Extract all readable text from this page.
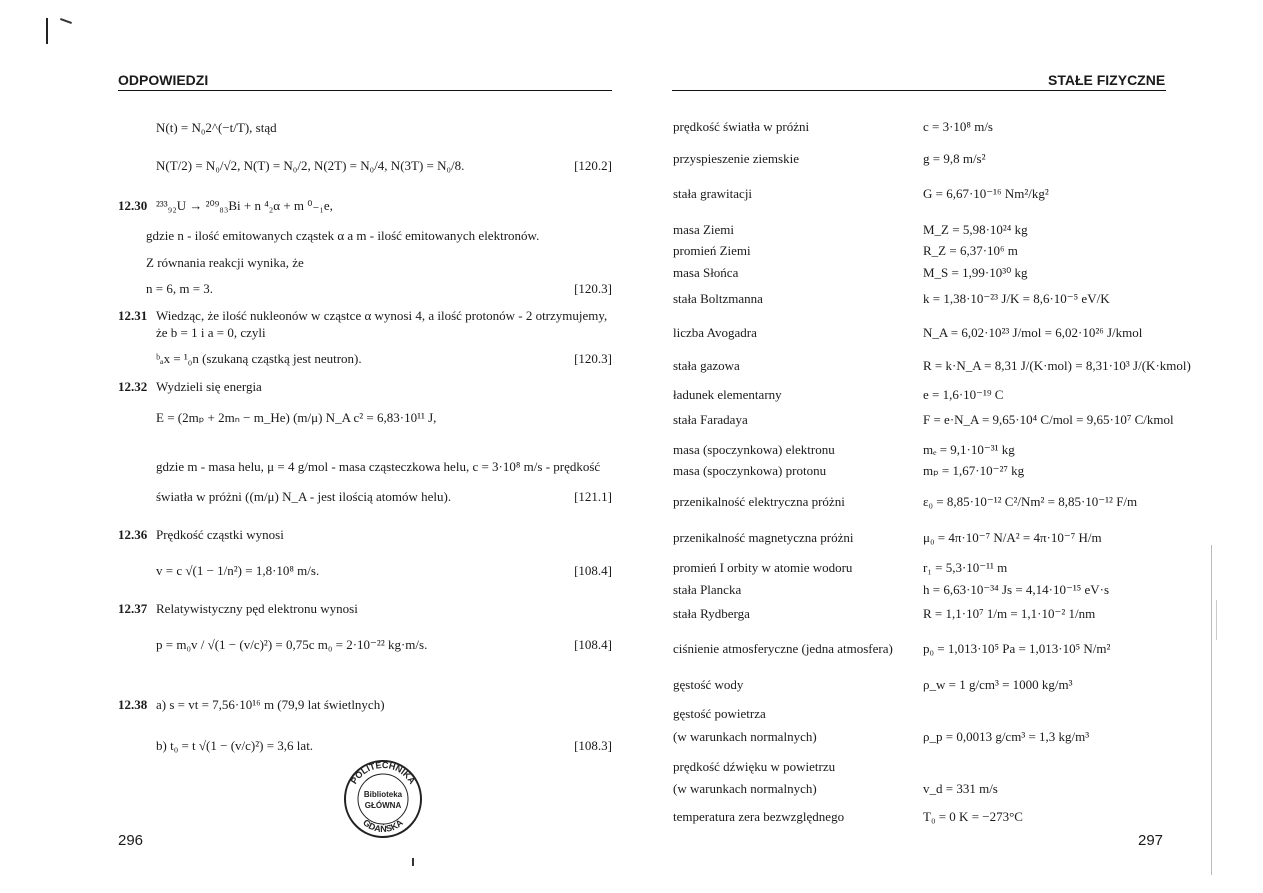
ODPOWIEDZI
N(t) = N₀2^(−t/T), stąd
N(T/2) = N₀/√2, N(T) = N₀/2, N(2T) = N₀/4, N(3T) = N₀/8.	[120.2]
12.30 ²³³₉₂U → ²⁰⁹₈₃Bi + n ⁴₂α + m ⁰₋₁e,
gdzie n - ilość emitowanych cząstek α a m - ilość emitowanych elektronów.
Z równania reakcji wynika, że
n = 6, m = 3.	[120.3]
12.31 Wiedząc, że ilość nukleonów w cząstce α wynosi 4, a ilość protonów - 2 otrzymujemy,
że b = 1 i a = 0, czyli
ᵇₐx = ¹₀n (szukaną cząstką jest neutron).	[120.3]
12.32 Wydzieli się energia
E = (2mₚ + 2mₙ − m_He) (m/μ) N_A c² = 6,83·10¹¹ J,
gdzie m - masa helu, μ = 4 g/mol - masa cząsteczkowa helu, c = 3·10⁸ m/s - prędkość
światła w próżni ((m/μ) N_A - jest ilością atomów helu).	[121.1]
12.36 Prędkość cząstki wynosi
v = c √(1 − 1/n²) = 1,8·10⁸ m/s.	[108.4]
12.37 Relatywistyczny pęd elektronu wynosi
p = m₀v / √(1 − (v/c)²) = 0,75c m₀ = 2·10⁻²² kg·m/s.	[108.4]
12.38 a) s = vt = 7,56·10¹⁶ m (79,9 lat świetlnych)
b) t₀ = t √(1 − (v/c)²) = 3,6 lat.	[108.3]
POLITECHNIKA
GDAŃSKA
Biblioteka
GŁÓWNA
296
STAŁE FIZYCZNE
prędkość światła w próżni	c = 3·10⁸ m/s
przyspieszenie ziemskie	g = 9,8 m/s²
stała grawitacji	G = 6,67·10⁻¹⁶ Nm²/kg²
masa Ziemi	M_Z = 5,98·10²⁴ kg
promień Ziemi	R_Z = 6,37·10⁶ m
masa Słońca	M_S = 1,99·10³⁰ kg
stała Boltzmanna	k = 1,38·10⁻²³ J/K = 8,6·10⁻⁵ eV/K
liczba Avogadra	N_A = 6,02·10²³ J/mol = 6,02·10²⁶ J/kmol
stała gazowa	R = k·N_A = 8,31 J/(K·mol) = 8,31·10³ J/(K·kmol)
ładunek elementarny	e = 1,6·10⁻¹⁹ C
stała Faradaya	F = e·N_A = 9,65·10⁴ C/mol = 9,65·10⁷ C/kmol
masa (spoczynkowa) elektronu	mₑ = 9,1·10⁻³¹ kg
masa (spoczynkowa) protonu	mₚ = 1,67·10⁻²⁷ kg
przenikalność elektryczna próżni	ε₀ = 8,85·10⁻¹² C²/Nm² = 8,85·10⁻¹² F/m
przenikalność magnetyczna próżni	μ₀ = 4π·10⁻⁷ N/A² = 4π·10⁻⁷ H/m
promień I orbity w atomie wodoru	r₁ = 5,3·10⁻¹¹ m
stała Plancka	h = 6,63·10⁻³⁴ Js = 4,14·10⁻¹⁵ eV·s
stała Rydberga	R = 1,1·10⁷ 1/m = 1,1·10⁻² 1/nm
ciśnienie atmosferyczne (jedna atmosfera) p₀ = 1,013·10⁵ Pa = 1,013·10⁵ N/m²
gęstość wody	ρ_w = 1 g/cm³ = 1000 kg/m³
gęstość powietrza
(w warunkach normalnych)	ρ_p = 0,0013 g/cm³ = 1,3 kg/m³
prędkość dźwięku w powietrzu
(w warunkach normalnych)	v_d = 331 m/s
temperatura zera bezwzględnego	T₀ = 0 K = −273°C
297
